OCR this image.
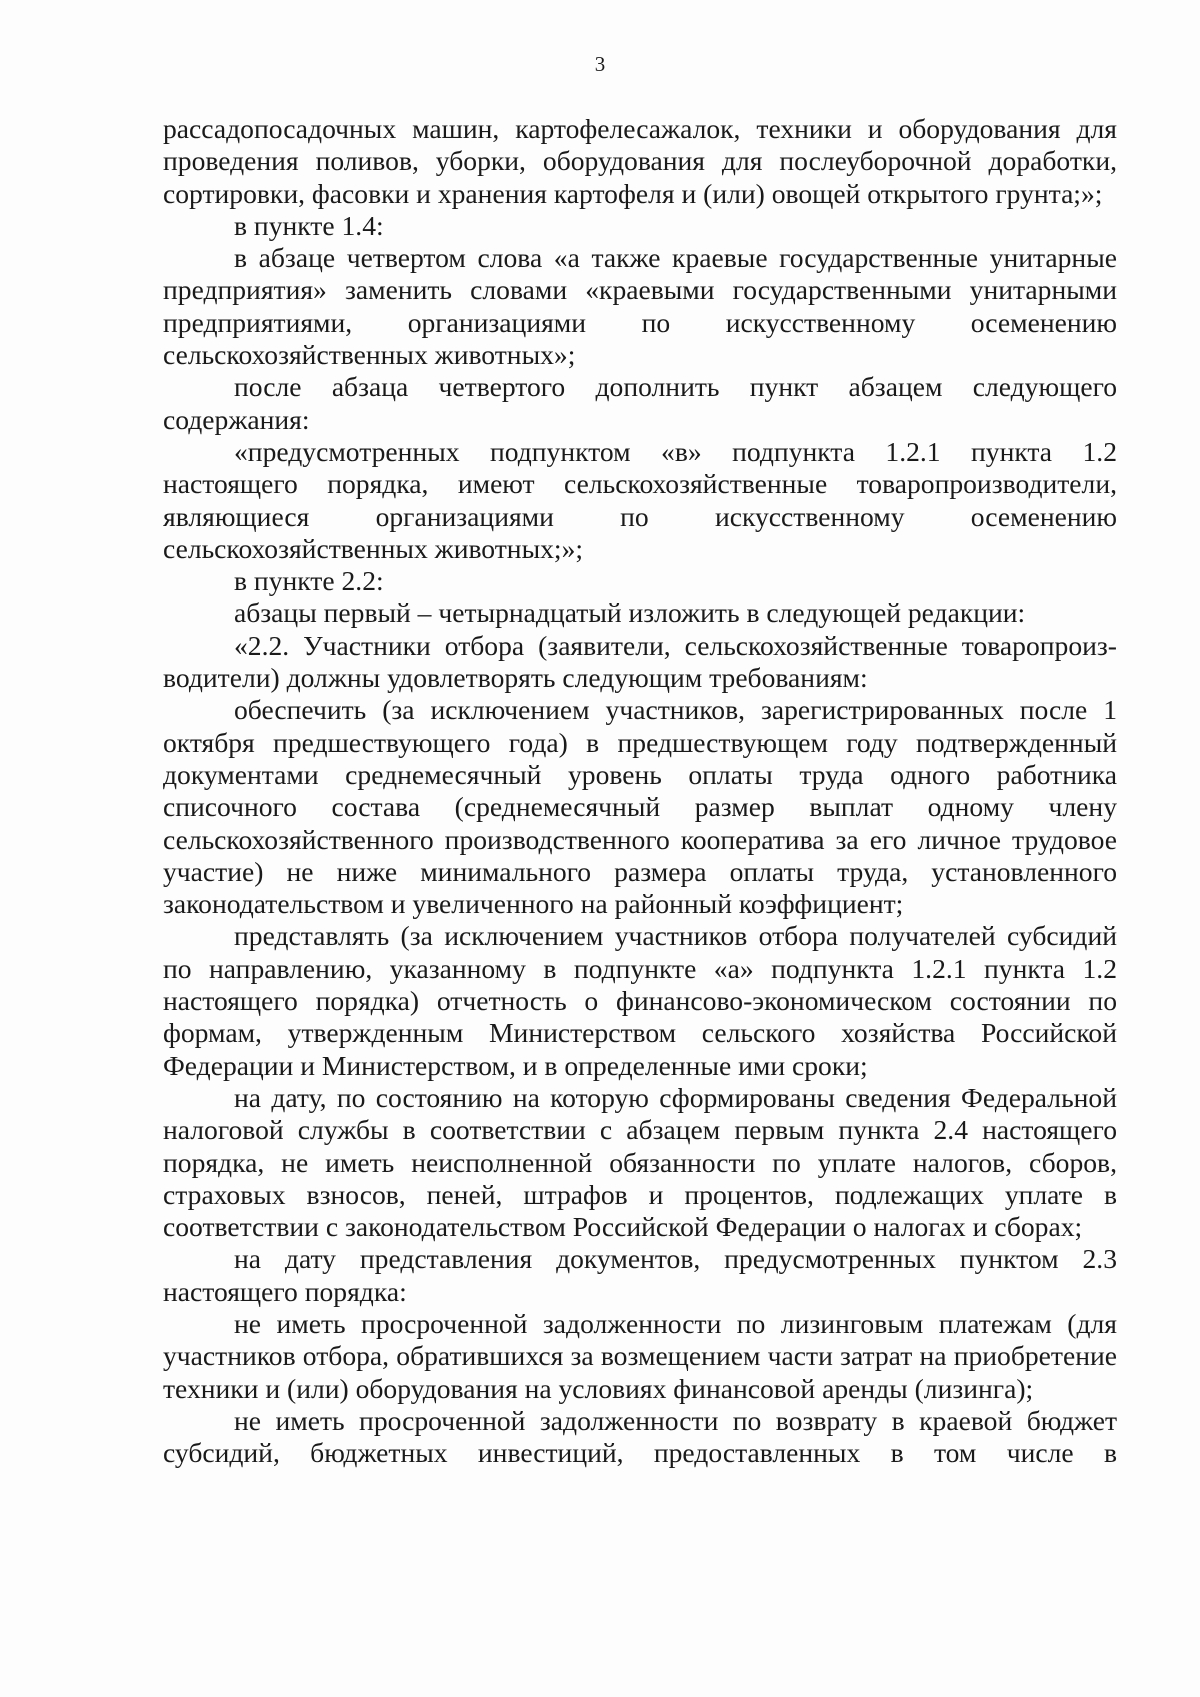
3

рассадопосадочных машин, картофелесажалок, техники и оборудования для проведения поливов, уборки, оборудования для послеуборочной доработки, сортировки, фасовки и хранения картофеля и (или) овощей открытого грунта;»;

в пункте 1.4:

в абзаце четвертом слова «а также краевые государственные унитарные предприятия» заменить словами «краевыми государственными унитарными предприятиями, организациями по искусственному осеменению сельскохозяйственных животных»;

после абзаца четвертого дополнить пункт абзацем следующего содержания:

«предусмотренных подпунктом «в» подпункта 1.2.1 пункта 1.2 настоящего порядка, имеют сельскохозяйственные товаропроизводители, являющиеся организациями по искусственному осеменению сельскохозяйственных животных;»;

в пункте 2.2:

абзацы первый – четырнадцатый изложить в следующей редакции:

«2.2. Участники отбора (заявители, сельскохозяйственные товаропроизводители) должны удовлетворять следующим требованиям:

обеспечить (за исключением участников, зарегистрированных после 1 октября предшествующего года) в предшествующем году подтвержденный документами среднемесячный уровень оплаты труда одного работника списочного состава (среднемесячный размер выплат одному члену сельскохозяйственного производственного кооператива за его личное трудовое участие) не ниже минимального размера оплаты труда, установленного законодательством и увеличенного на районный коэффициент;

представлять (за исключением участников отбора получателей субсидий по направлению, указанному в подпункте «а» подпункта 1.2.1 пункта 1.2 настоящего порядка) отчетность о финансово-экономическом состоянии по формам, утвержденным Министерством сельского хозяйства Российской Федерации и Министерством, и в определенные ими сроки;

на дату, по состоянию на которую сформированы сведения Федеральной налоговой службы в соответствии с абзацем первым пункта 2.4 настоящего порядка, не иметь неисполненной обязанности по уплате налогов, сборов, страховых взносов, пеней, штрафов и процентов, подлежащих уплате в соответствии с законодательством Российской Федерации о налогах и сборах;

на дату представления документов, предусмотренных пунктом 2.3 настоящего порядка:

не иметь просроченной задолженности по лизинговым платежам (для участников отбора, обратившихся за возмещением части затрат на приобретение техники и (или) оборудования на условиях финансовой аренды (лизинга);

не иметь просроченной задолженности по возврату в краевой бюджет субсидий, бюджетных инвестиций, предоставленных в том числе в
